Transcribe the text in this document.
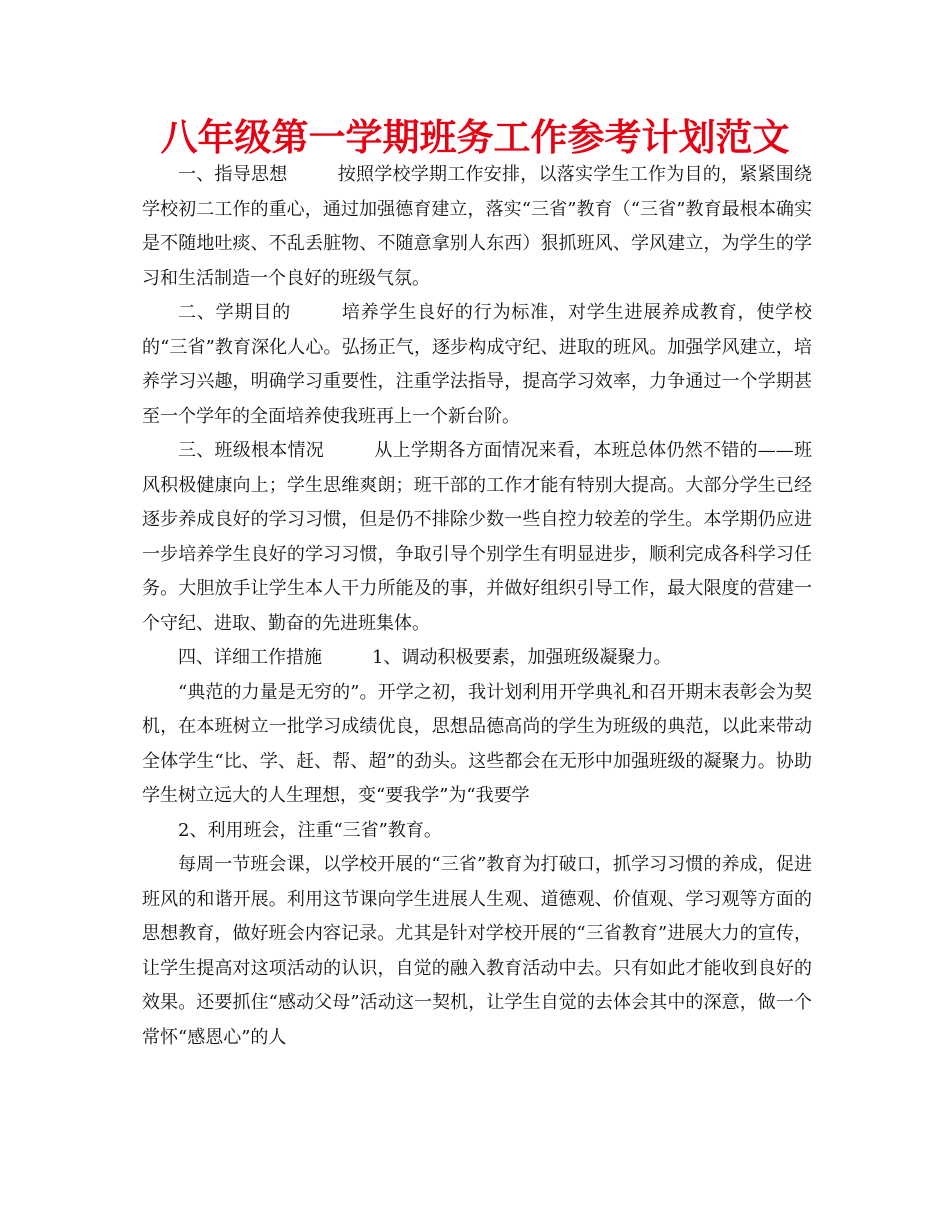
八年级第一学期班务工作参考计划范文

一、指导思想	按照学校学期工作安排，以落实学生工作为目的，紧紧围绕学校初二工作的重心，通过加强德育建立，落实“三省”教育（“三省”教育最根本确实是不随地吐痰、不乱丢脏物、不随意拿别人东西）狠抓班风、学风建立，为学生的学习和生活制造一个良好的班级气氛。

二、学期目的	培养学生良好的行为标准，对学生进展养成教育，使学校的“三省”教育深化人心。弘扬正气，逐步构成守纪、进取的班风。加强学风建立，培养学习兴趣，明确学习重要性，注重学法指导，提高学习效率，力争通过一个学期甚至一个学年的全面培养使我班再上一个新台阶。

三、班级根本情况	从上学期各方面情况来看，本班总体仍然不错的——班风积极健康向上；学生思维爽朗；班干部的工作才能有特别大提高。大部分学生已经逐步养成良好的学习习惯，但是仍不排除少数一些自控力较差的学生。本学期仍应进一步培养学生良好的学习习惯，争取引导个别学生有明显进步，顺利完成各科学习任务。大胆放手让学生本人干力所能及的事，并做好组织引导工作，最大限度的营建一个守纪、进取、勤奋的先进班集体。

四、详细工作措施	1、调动积极要素，加强班级凝聚力。

“典范的力量是无穷的”。开学之初，我计划利用开学典礼和召开期末表彰会为契机，在本班树立一批学习成绩优良，思想品德高尚的学生为班级的典范，以此来带动全体学生“比、学、赶、帮、超”的劲头。这些都会在无形中加强班级的凝聚力。协助学生树立远大的人生理想，变“要我学”为“我要学

2、利用班会，注重“三省”教育。

每周一节班会课，以学校开展的“三省”教育为打破口，抓学习习惯的养成，促进班风的和谐开展。利用这节课向学生进展人生观、道德观、价值观、学习观等方面的思想教育，做好班会内容记录。尤其是针对学校开展的“三省教育”进展大力的宣传，让学生提高对这项活动的认识，自觉的融入教育活动中去。只有如此才能收到良好的效果。还要抓住“感动父母”活动这一契机，让学生自觉的去体会其中的深意，做一个常怀“感恩心”的人
